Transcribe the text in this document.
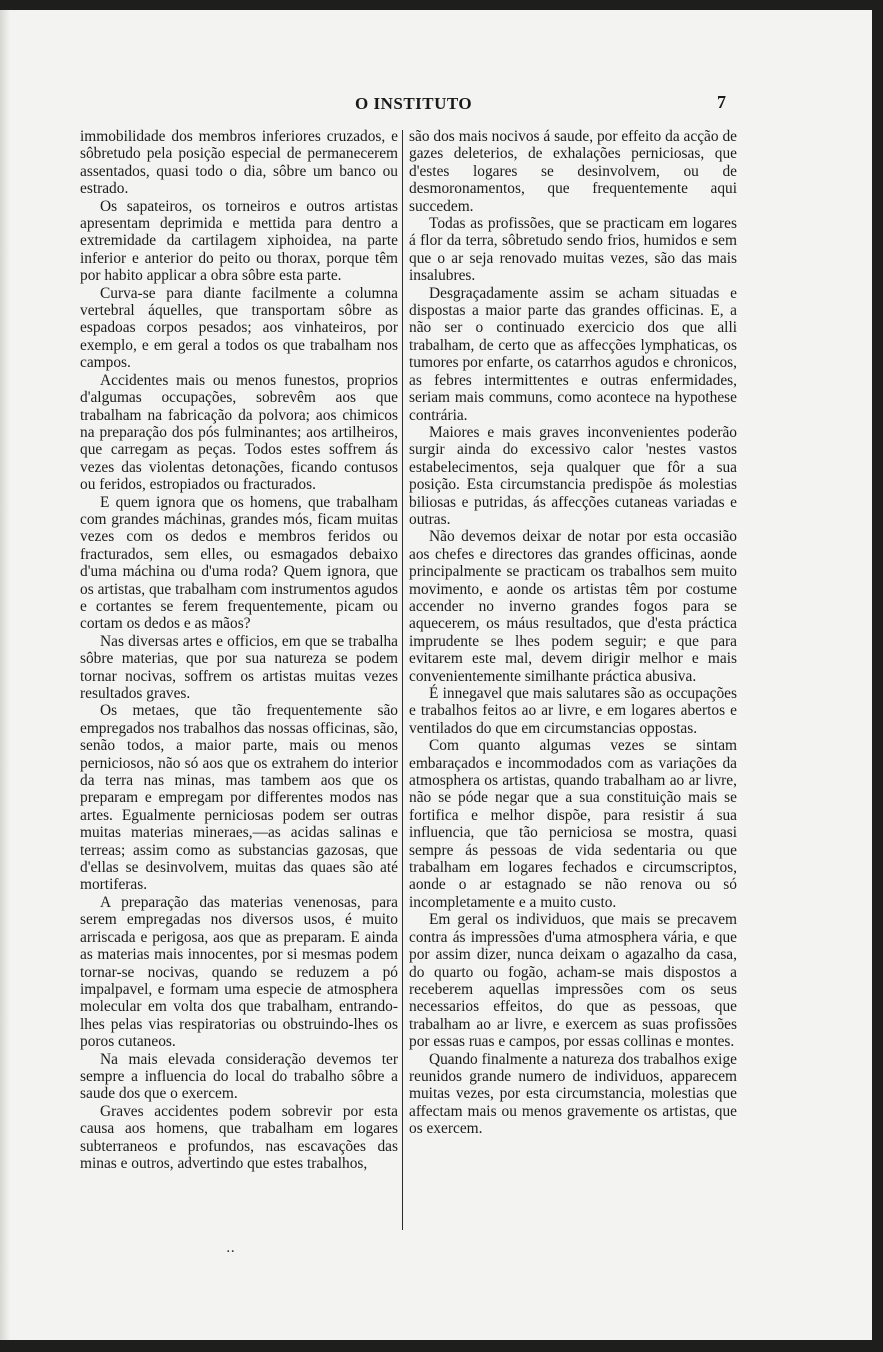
O INSTITUTO	7

immobilidade dos membros inferiores cruzados, e sôbretudo pela posição especial de permanecerem assentados, quasi todo o dia, sôbre um banco ou estrado.

Os sapateiros, os torneiros e outros artistas apresentam deprimida e mettida para dentro a extremidade da cartilagem xiphoidea, na parte inferior e anterior do peito ou thorax, porque têm por habito applicar a obra sôbre esta parte.

Curva-se para diante facilmente a columna vertebral áquelles, que transportam sôbre as espadoas corpos pesados; aos vinhateiros, por exemplo, e em geral a todos os que trabalham nos campos.

Accidentes mais ou menos funestos, proprios d'algumas occupações, sobrevêm aos que trabalham na fabricação da polvora; aos chimicos na preparação dos pós fulminantes; aos artilheiros, que carregam as peças. Todos estes soffrem ás vezes das violentas detonações, ficando contusos ou feridos, estropiados ou fracturados.

E quem ignora que os homens, que trabalham com grandes máchinas, grandes mós, ficam muitas vezes com os dedos e membros feridos ou fracturados, sem elles, ou esmagados debaixo d'uma máchina ou d'uma roda? Quem ignora, que os artistas, que trabalham com instrumentos agudos e cortantes se ferem frequentemente, picam ou cortam os dedos e as mãos?

Nas diversas artes e officios, em que se trabalha sôbre materias, que por sua natureza se podem tornar nocivas, soffrem os artistas muitas vezes resultados graves.

Os metaes, que tão frequentemente são empregados nos trabalhos das nossas officinas, são, senão todos, a maior parte, mais ou menos perniciosos, não só aos que os extrahem do interior da terra nas minas, mas tambem aos que os preparam e empregam por differentes modos nas artes. Egualmente perniciosas podem ser outras muitas materias mineraes,—as acidas salinas e terreas; assim como as substancias gazosas, que d'ellas se desinvolvem, muitas das quaes são até mortiferas.

A preparação das materias venenosas, para serem empregadas nos diversos usos, é muito arriscada e perigosa, aos que as preparam. E ainda as materias mais innocentes, por si mesmas podem tornar-se nocivas, quando se reduzem a pó impalpavel, e formam uma especie de atmosphera molecular em volta dos que trabalham, entrando-lhes pelas vias respiratorias ou obstruindo-lhes os poros cutaneos.

Na mais elevada consideração devemos ter sempre a influencia do local do trabalho sôbre a saude dos que o exercem.

Graves accidentes podem sobrevir por esta causa aos homens, que trabalham em logares subterraneos e profundos, nas escavações das minas e outros, advertindo que estes trabalhos,

são dos mais nocivos á saude, por effeito da acção de gazes deleterios, de exhalações perniciosas, que d'estes logares se desinvolvem, ou de desmoronamentos, que frequentemente aqui succedem.

Todas as profissões, que se practicam em logares á flor da terra, sôbretudo sendo frios, humidos e sem que o ar seja renovado muitas vezes, são das mais insalubres.

Desgraçadamente assim se acham situadas e dispostas a maior parte das grandes officinas. E, a não ser o continuado exercicio dos que alli trabalham, de certo que as affecções lymphaticas, os tumores por enfarte, os catarrhos agudos e chronicos, as febres intermittentes e outras enfermidades, seriam mais communs, como acontece na hypothese contrária.

Maiores e mais graves inconvenientes poderão surgir ainda do excessivo calor 'nestes vastos estabelecimentos, seja qualquer que fôr a sua posição. Esta circumstancia predispõe ás molestias biliosas e putridas, ás affecções cutaneas variadas e outras.

Não devemos deixar de notar por esta occasião aos chefes e directores das grandes officinas, aonde principalmente se practicam os trabalhos sem muito movimento, e aonde os artistas têm por costume accender no inverno grandes fogos para se aquecerem, os máus resultados, que d'esta práctica imprudente se lhes podem seguir; e que para evitarem este mal, devem dirigir melhor e mais convenientemente similhante práctica abusiva.

É innegavel que mais salutares são as occupações e trabalhos feitos ao ar livre, e em logares abertos e ventilados do que em circumstancias oppostas.

Com quanto algumas vezes se sintam embaraçados e incommodados com as variações da atmosphera os artistas, quando trabalham ao ar livre, não se póde negar que a sua constituição mais se fortifica e melhor dispõe, para resistir á sua influencia, que tão perniciosa se mostra, quasi sempre ás pessoas de vida sedentaria ou que trabalham em logares fechados e circumscriptos, aonde o ar estagnado se não renova ou só incompletamente e a muito custo.

Em geral os individuos, que mais se precavem contra ás impressões d'uma atmosphera vária, e que por assim dizer, nunca deixam o agazalho da casa, do quarto ou fogão, acham-se mais dispostos a receberem aquellas impressões com os seus necessarios effeitos, do que as pessoas, que trabalham ao ar livre, e exercem as suas profissões por essas ruas e campos, por essas collinas e montes.

Quando finalmente a natureza dos trabalhos exige reunidos grande numero de individuos, apparecem muitas vezes, por esta circumstancia, molestias que affectam mais ou menos gravemente os artistas, que os exercem.

..
